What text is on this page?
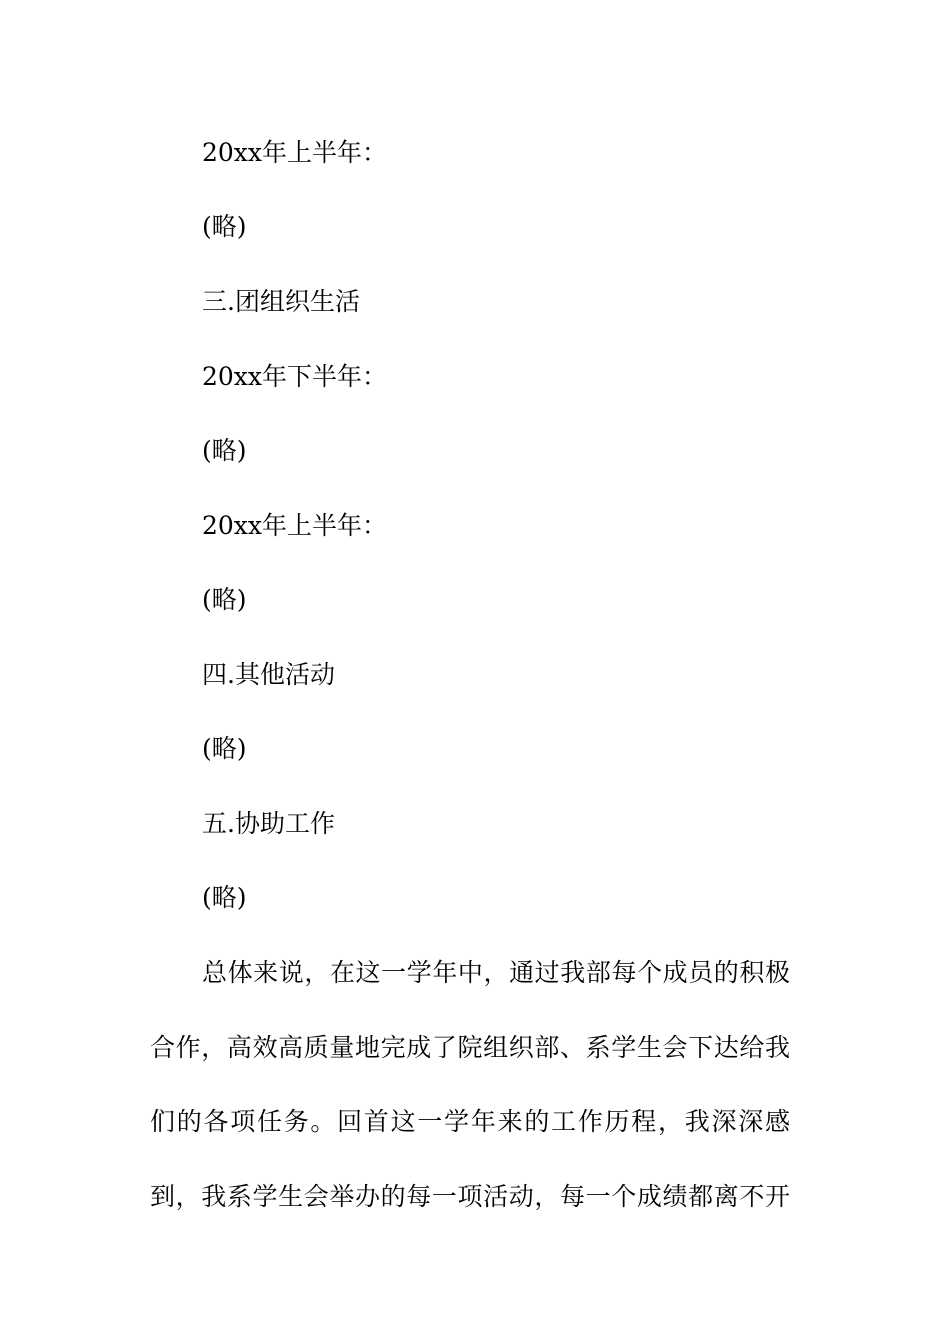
20xx年上半年：
(略)
三.团组织生活
20xx年下半年：
(略)
20xx年上半年：
(略)
四.其他活动
(略)
五.协助工作
(略)
总体来说，在这一学年中，通过我部每个成员的积极
合作，高效高质量地完成了院组织部、系学生会下达给我
们的各项任务。回首这一学年来的工作历程，我深深感
到，我系学生会举办的每一项活动，每一个成绩都离不开
